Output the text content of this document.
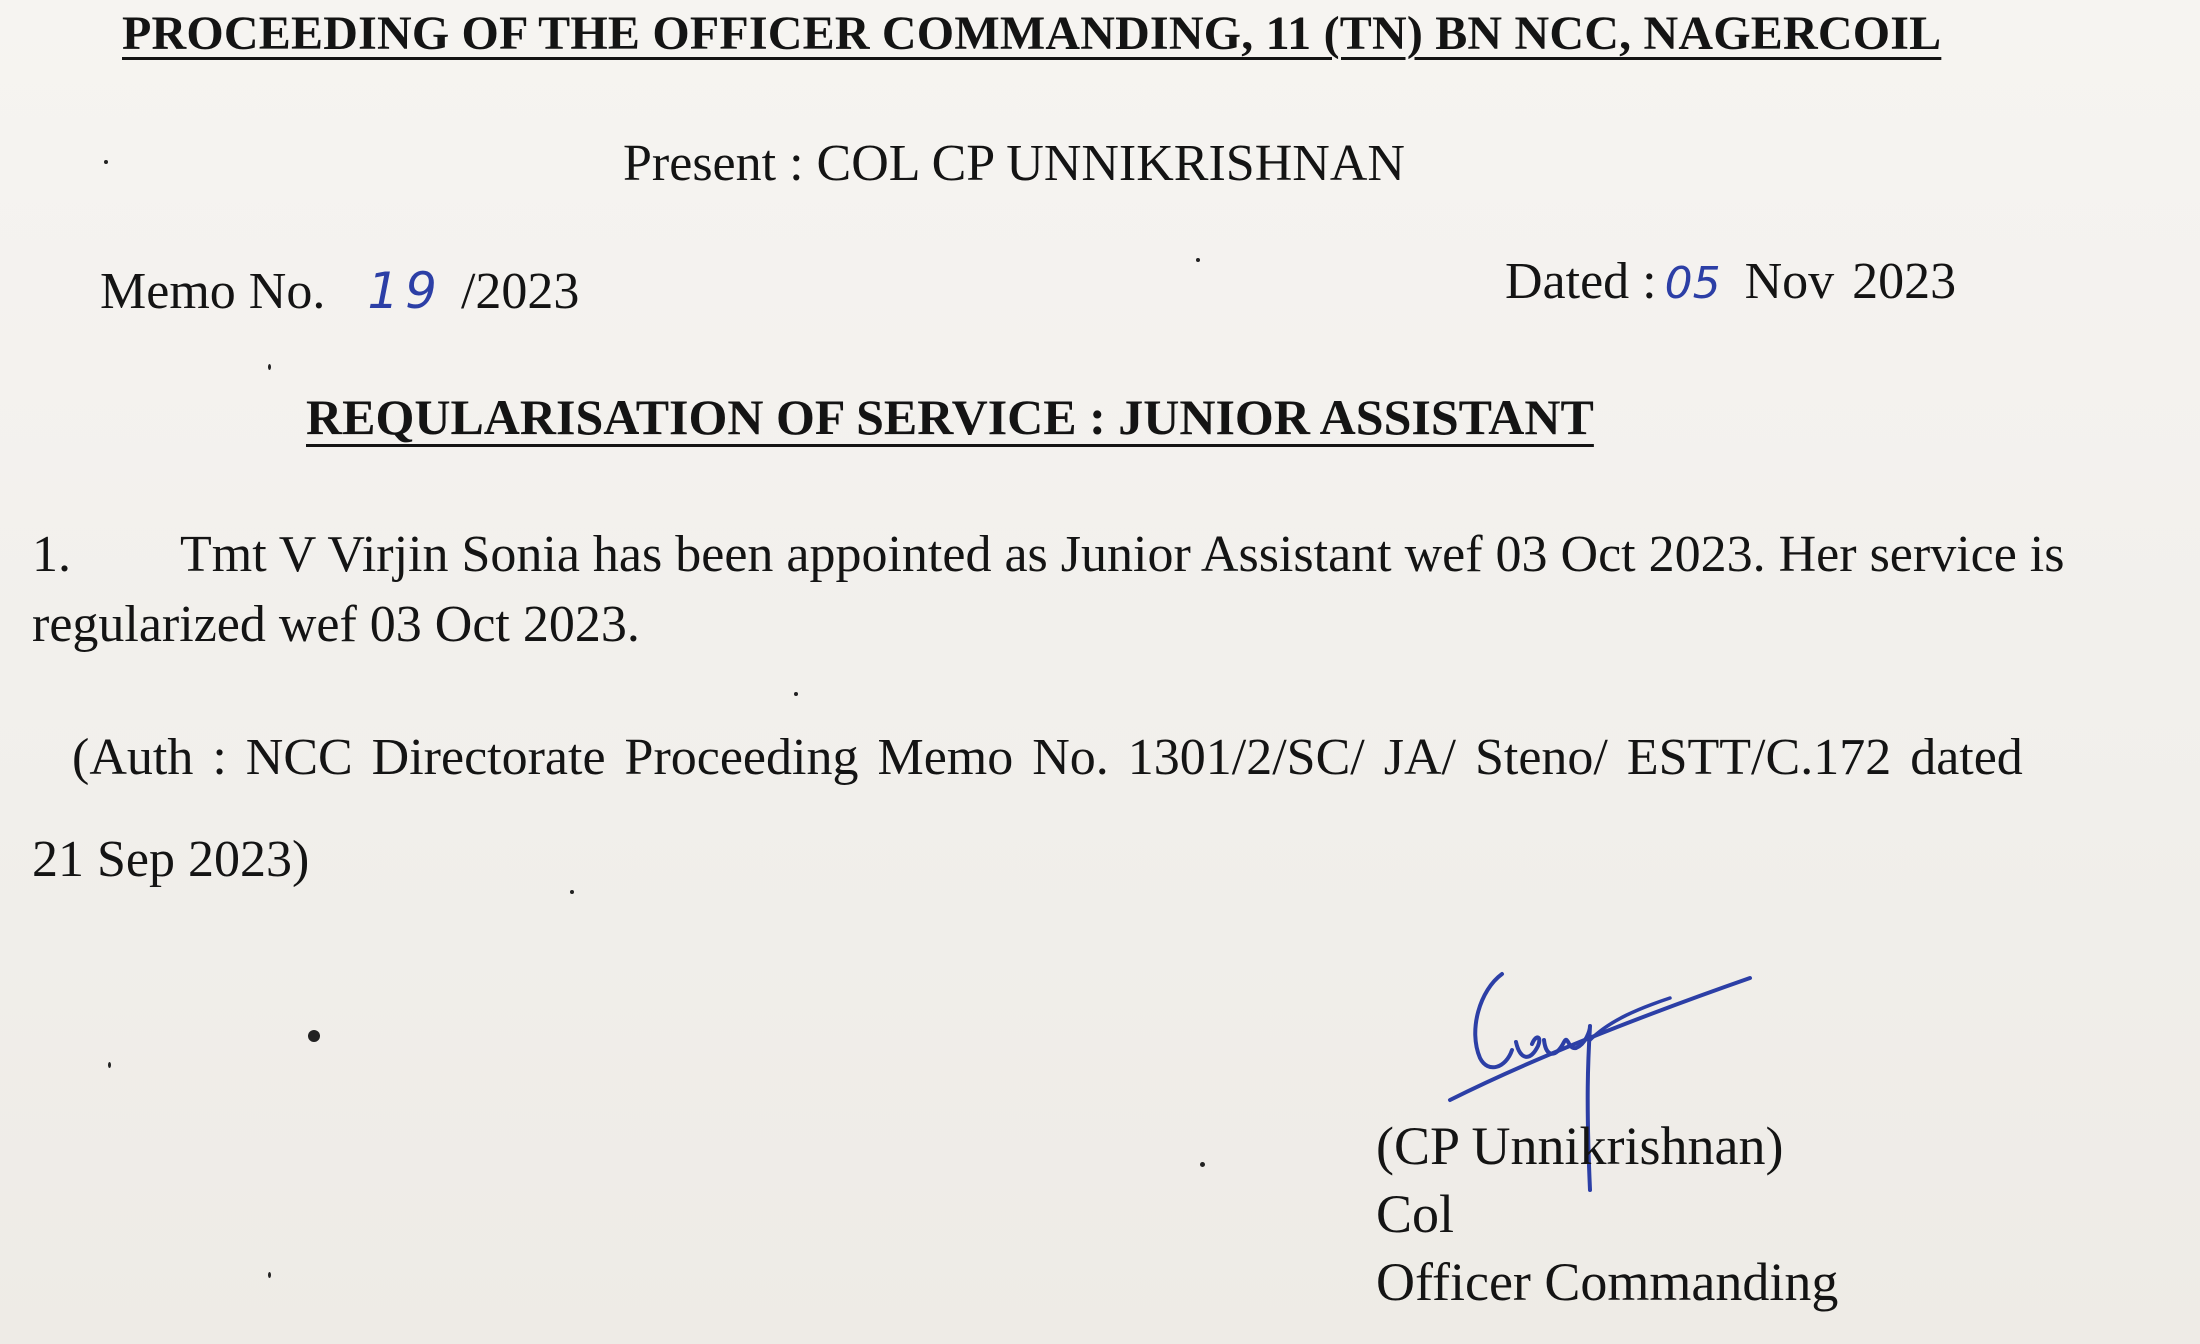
PROCEEDING OF THE OFFICER COMMANDING, 11 (TN) BN NCC, NAGERCOIL
Present : COL CP UNNIKRISHNAN
Memo No. 19 /2023	Dated : 05 Nov 2023
REQULARISATION OF SERVICE : JUNIOR ASSISTANT
1. Tmt V Virjin Sonia has been appointed as Junior Assistant wef 03 Oct 2023. Her service is regularized wef 03 Oct 2023.
(Auth : NCC Directorate Proceeding Memo No. 1301/2/SC/ JA/ Steno/ ESTT/C.172 dated
21 Sep 2023)
(CP Unnikrishnan)
Col
Officer Commanding
